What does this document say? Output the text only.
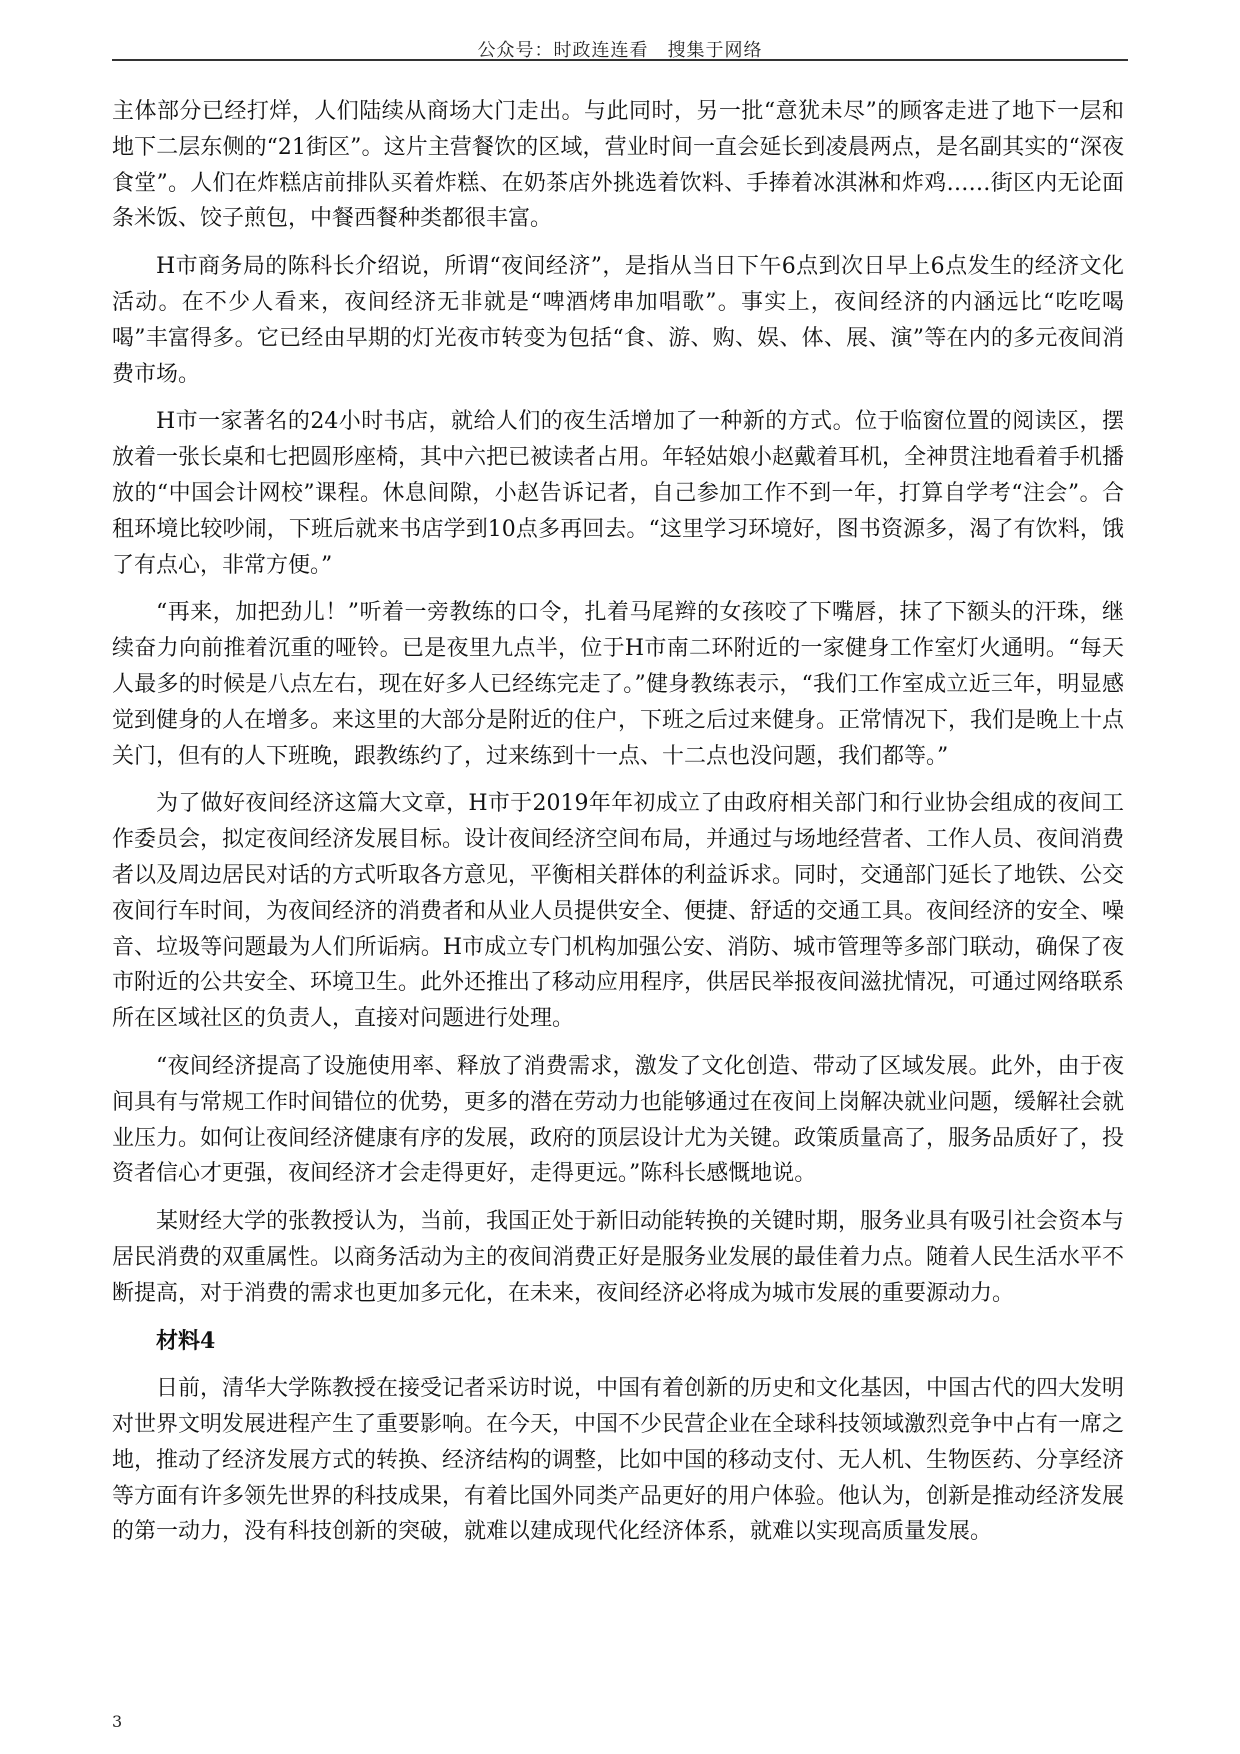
公众号：时政连连看　搜集于网络

主体部分已经打烊，人们陆续从商场大门走出。与此同时，另一批“意犹未尽”的顾客走进了地下一层和地下二层东侧的“21街区”。这片主营餐饮的区域，营业时间一直会延长到凌晨两点，是名副其实的“深夜食堂”。人们在炸糕店前排队买着炸糕、在奶茶店外挑选着饮料、手捧着冰淇淋和炸鸡……街区内无论面条米饭、饺子煎包，中餐西餐种类都很丰富。

H市商务局的陈科长介绍说，所谓“夜间经济”，是指从当日下午6点到次日早上6点发生的经济文化活动。在不少人看来，夜间经济无非就是“啤酒烤串加唱歌”。事实上，夜间经济的内涵远比“吃吃喝喝”丰富得多。它已经由早期的灯光夜市转变为包括“食、游、购、娱、体、展、演”等在内的多元夜间消费市场。

H市一家著名的24小时书店，就给人们的夜生活增加了一种新的方式。位于临窗位置的阅读区，摆放着一张长桌和七把圆形座椅，其中六把已被读者占用。年轻姑娘小赵戴着耳机，全神贯注地看着手机播放的“中国会计网校”课程。休息间隙，小赵告诉记者，自己参加工作不到一年，打算自学考“注会”。合租环境比较吵闹，下班后就来书店学到10点多再回去。“这里学习环境好，图书资源多，渴了有饮料，饿了有点心，非常方便。”

“再来，加把劲儿！”听着一旁教练的口令，扎着马尾辫的女孩咬了下嘴唇，抹了下额头的汗珠，继续奋力向前推着沉重的哑铃。已是夜里九点半，位于H市南二环附近的一家健身工作室灯火通明。“每天人最多的时候是八点左右，现在好多人已经练完走了。”健身教练表示，“我们工作室成立近三年，明显感觉到健身的人在增多。来这里的大部分是附近的住户，下班之后过来健身。正常情况下，我们是晚上十点关门，但有的人下班晚，跟教练约了，过来练到十一点、十二点也没问题，我们都等。”

为了做好夜间经济这篇大文章，H市于2019年年初成立了由政府相关部门和行业协会组成的夜间工作委员会，拟定夜间经济发展目标。设计夜间经济空间布局，并通过与场地经营者、工作人员、夜间消费者以及周边居民对话的方式听取各方意见，平衡相关群体的利益诉求。同时，交通部门延长了地铁、公交夜间行车时间，为夜间经济的消费者和从业人员提供安全、便捷、舒适的交通工具。夜间经济的安全、噪音、垃圾等问题最为人们所诟病。H市成立专门机构加强公安、消防、城市管理等多部门联动，确保了夜市附近的公共安全、环境卫生。此外还推出了移动应用程序，供居民举报夜间滋扰情况，可通过网络联系所在区域社区的负责人，直接对问题进行处理。

“夜间经济提高了设施使用率、释放了消费需求，激发了文化创造、带动了区域发展。此外，由于夜间具有与常规工作时间错位的优势，更多的潜在劳动力也能够通过在夜间上岗解决就业问题，缓解社会就业压力。如何让夜间经济健康有序的发展，政府的顶层设计尤为关键。政策质量高了，服务品质好了，投资者信心才更强，夜间经济才会走得更好，走得更远。”陈科长感慨地说。

某财经大学的张教授认为，当前，我国正处于新旧动能转换的关键时期，服务业具有吸引社会资本与居民消费的双重属性。以商务活动为主的夜间消费正好是服务业发展的最佳着力点。随着人民生活水平不断提高，对于消费的需求也更加多元化，在未来，夜间经济必将成为城市发展的重要源动力。

材料4

日前，清华大学陈教授在接受记者采访时说，中国有着创新的历史和文化基因，中国古代的四大发明对世界文明发展进程产生了重要影响。在今天，中国不少民营企业在全球科技领域激烈竞争中占有一席之地，推动了经济发展方式的转换、经济结构的调整，比如中国的移动支付、无人机、生物医药、分享经济等方面有许多领先世界的科技成果，有着比国外同类产品更好的用户体验。他认为，创新是推动经济发展的第一动力，没有科技创新的突破，就难以建成现代化经济体系，就难以实现高质量发展。

3
